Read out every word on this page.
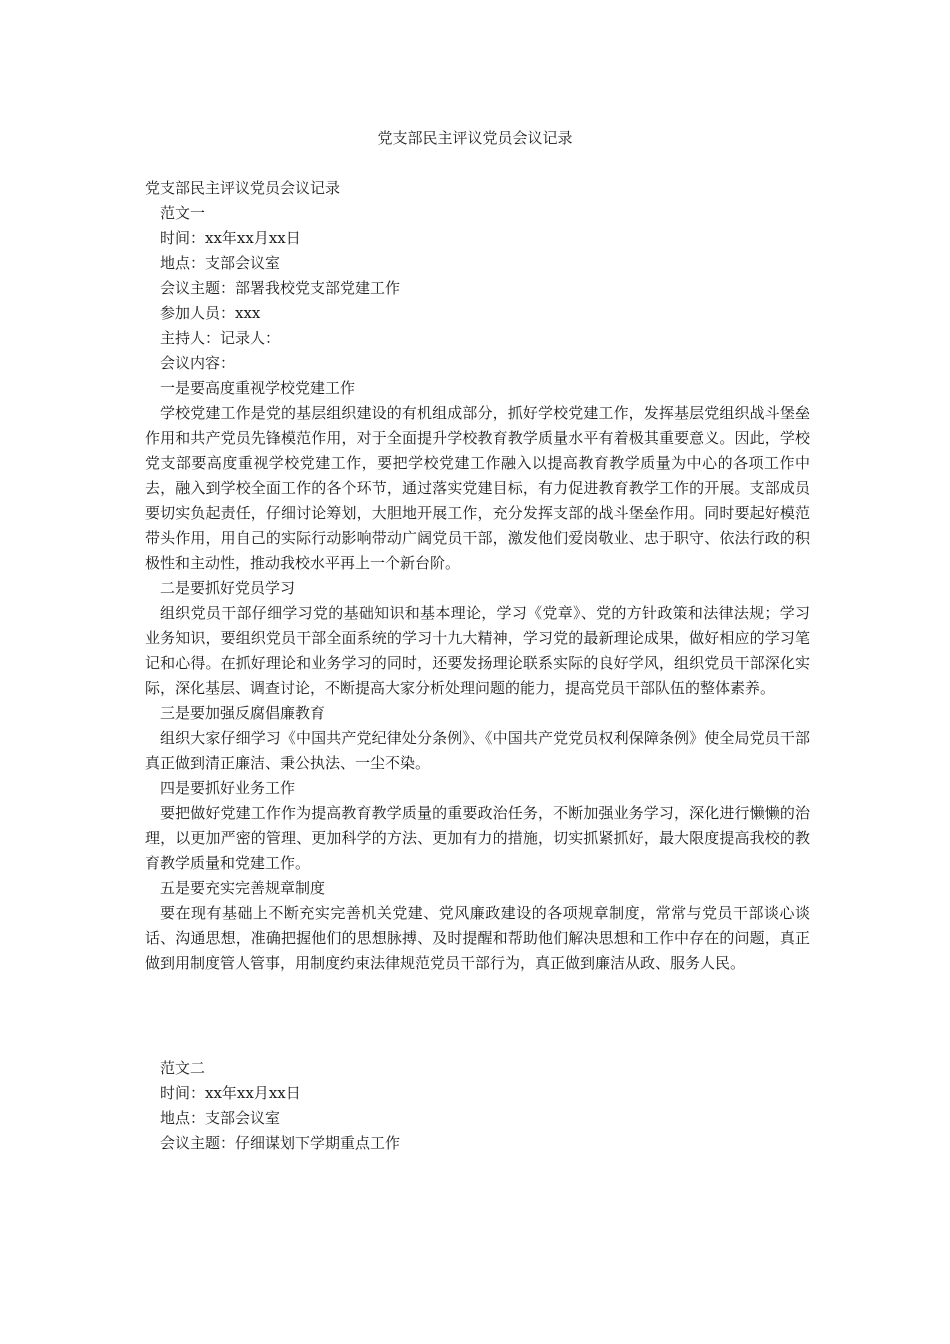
党支部民主评议党员会议记录
党支部民主评议党员会议记录
范文一
时间：xx年xx月xx日
地点：支部会议室
会议主题：部署我校党支部党建工作
参加人员：xxx
主持人：记录人：
会议内容：
一是要高度重视学校党建工作
学校党建工作是党的基层组织建设的有机组成部分，抓好学校党建工作，发挥基层党组织战斗堡垒作用和共产党员先锋模范作用，对于全面提升学校教育教学质量水平有着极其重要意义。因此，学校党支部要高度重视学校党建工作，要把学校党建工作融入以提高教育教学质量为中心的各项工作中去，融入到学校全面工作的各个环节，通过落实党建目标，有力促进教育教学工作的开展。支部成员要切实负起责任，仔细讨论筹划，大胆地开展工作，充分发挥支部的战斗堡垒作用。同时要起好模范带头作用，用自己的实际行动影响带动广阔党员干部，激发他们爱岗敬业、忠于职守、依法行政的积极性和主动性，推动我校水平再上一个新台阶。
二是要抓好党员学习
组织党员干部仔细学习党的基础知识和基本理论，学习《党章》、党的方针政策和法律法规；学习业务知识，要组织党员干部全面系统的学习十九大精神，学习党的最新理论成果，做好相应的学习笔记和心得。在抓好理论和业务学习的同时，还要发扬理论联系实际的良好学风，组织党员干部深化实际，深化基层、调查讨论，不断提高大家分析处理问题的能力，提高党员干部队伍的整体素养。
三是要加强反腐倡廉教育
组织大家仔细学习《中国共产党纪律处分条例》、《中国共产党党员权利保障条例》使全局党员干部真正做到清正廉洁、秉公执法、一尘不染。
四是要抓好业务工作
要把做好党建工作作为提高教育教学质量的重要政治任务，不断加强业务学习，深化进行懒懒的治理，以更加严密的管理、更加科学的方法、更加有力的措施，切实抓紧抓好，最大限度提高我校的教育教学质量和党建工作。
五是要充实完善规章制度
要在现有基础上不断充实完善机关党建、党风廉政建设的各项规章制度，常常与党员干部谈心谈话、沟通思想，准确把握他们的思想脉搏、及时提醒和帮助他们解决思想和工作中存在的问题，真正做到用制度管人管事，用制度约束法律规范党员干部行为，真正做到廉洁从政、服务人民。
范文二
时间：xx年xx月xx日
地点：支部会议室
会议主题：仔细谋划下学期重点工作
